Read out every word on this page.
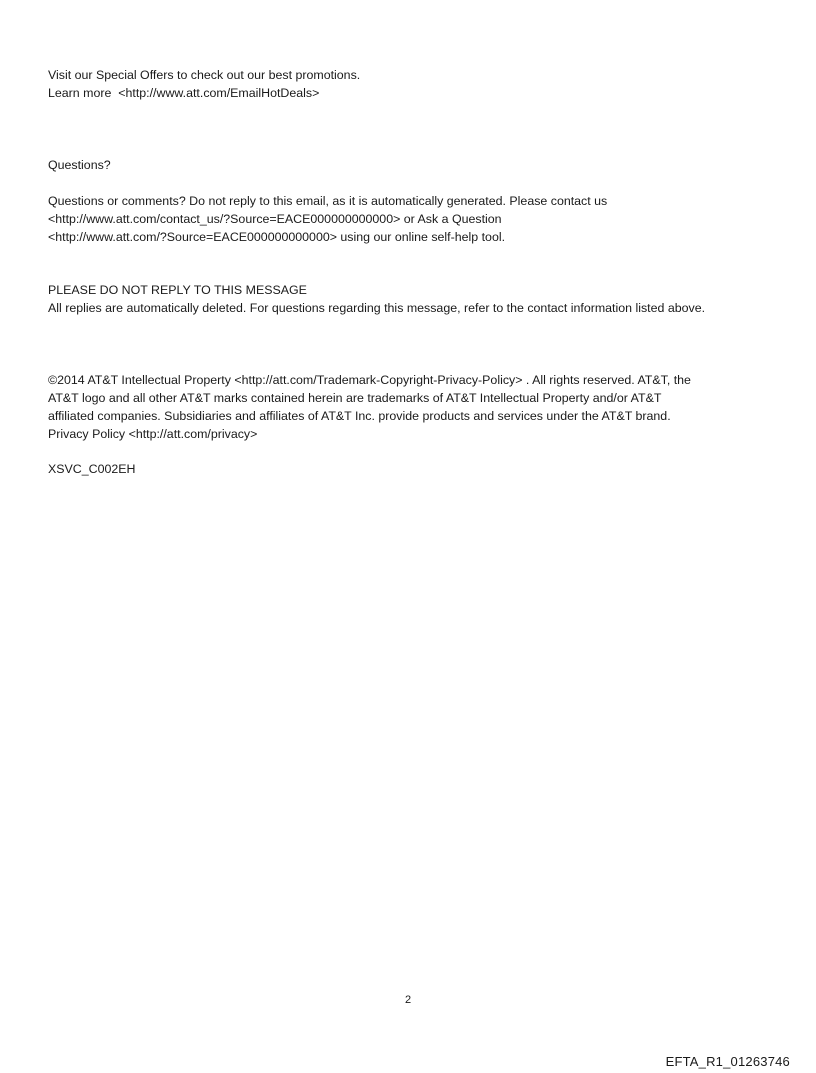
Visit our Special Offers to check out our best promotions.
Learn more <http://www.att.com/EmailHotDeals>
Questions?
Questions or comments? Do not reply to this email, as it is automatically generated. Please contact us
<http://www.att.com/contact_us/?Source=EACE000000000000> or Ask a Question
<http://www.att.com/?Source=EACE000000000000> using our online self-help tool.
PLEASE DO NOT REPLY TO THIS MESSAGE
All replies are automatically deleted. For questions regarding this message, refer to the contact information listed above.
©2014 AT&T Intellectual Property <http://att.com/Trademark-Copyright-Privacy-Policy> . All rights reserved. AT&T, the
AT&T logo and all other AT&T marks contained herein are trademarks of AT&T Intellectual Property and/or AT&T
affiliated companies. Subsidiaries and affiliates of AT&T Inc. provide products and services under the AT&T brand.
Privacy Policy <http://att.com/privacy>
XSVC_C002EH
2
EFTA_R1_01263746
